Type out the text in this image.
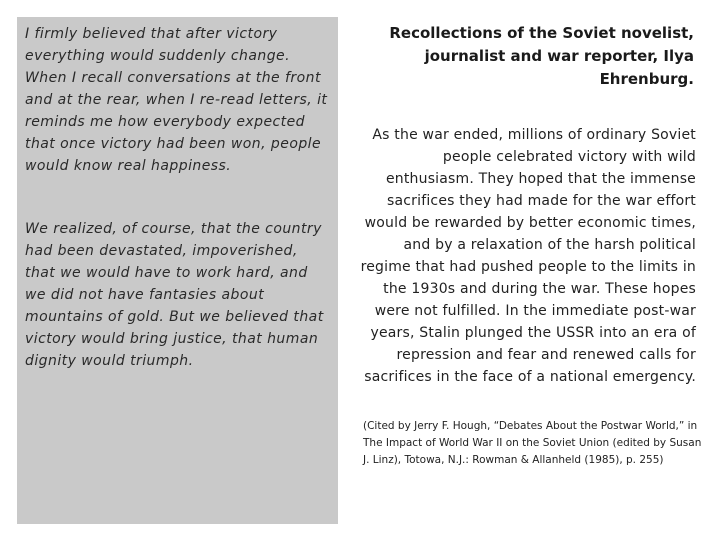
I firmly believed that after victory everything would suddenly change. When I recall conversations at the front and at the rear, when I re-read letters, it reminds me how everybody expected that once victory had been won, people would know real happiness.

We realized, of course, that the country had been devastated, impoverished, that we would have to work hard, and we did not have fantasies about mountains of gold. But we believed that victory would bring justice, that human dignity would triumph.

Recollections of the Soviet novelist, journalist and war reporter, Ilya Ehrenburg.

As the war ended, millions of ordinary Soviet people celebrated victory with wild enthusiasm. They hoped that the immense sacrifices they had made for the war effort would be rewarded by better economic times, and by a relaxation of the harsh political regime that had pushed people to the limits in the 1930s and during the war. These hopes were not fulfilled. In the immediate post-war years, Stalin plunged the USSR into an era of repression and fear and renewed calls for sacrifices in the face of a national emergency.

(Cited by Jerry F. Hough, “Debates About the Postwar World,” in The Impact of World War II on the Soviet Union (edited by Susan J. Linz), Totowa, N.J.: Rowman & Allanheld (1985), p. 255)
